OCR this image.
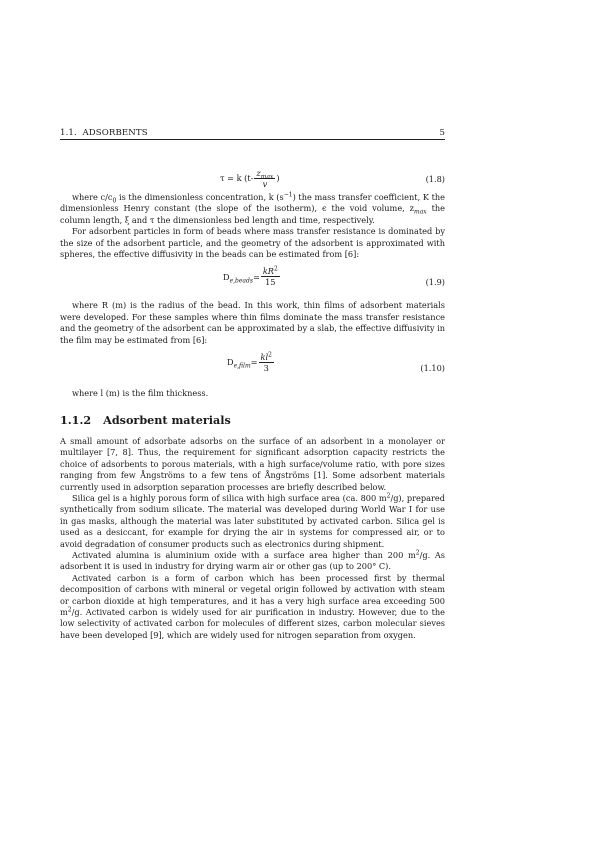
1.1. ADSORBENTS	5
τ = k ($t- \frac{z_{max}}{v}$ )	(1.8)

where $c/c_0$ is the dimensionless concentration, k $(s^{-1})$ the mass transfer coefficient, K the dimensionless Henry constant (the slope of the isotherm), ϵ the void volume, $z_{max}$ the column length, ξ and τ the dimensionless bed length and time, respectively.

For adsorbent particles in form of beads where mass transfer resistance is dominated by the size of the adsorbent particle, and the geometry of the adsorbent is approximated with spheres, the effective diffusivity in the beads can be estimated from [6]:

$D_{e,beads} = \frac{kR^2}{15}$	(1.9)

where R (m) is the radius of the bead. In this work, thin films of adsorbent materials were developed. For these samples where thin films dominate the mass transfer resistance and the geometry of the adsorbent can be approximated by a slab, the effective diffusivity in the film may be estimated from [6]:

$D_{e,film} = \frac{kl^2}{3}$	(1.10)

where l (m) is the film thickness.

1.1.2 Adsorbent materials

A small amount of adsorbate adsorbs on the surface of an adsorbent in a monolayer or multilayer [7, 8]. Thus, the requirement for significant adsorption capacity restricts the choice of adsorbents to porous materials, with a high surface/volume ratio, with pore sizes ranging from few Ångströms to a few tens of Ångströms [1]. Some adsorbent materials currently used in adsorption separation processes are briefly described below.

Silica gel is a highly porous form of silica with high surface area (ca. 800 $m^2/g$), prepared synthetically from sodium silicate. The material was developed during World War I for use in gas masks, although the material was later substituted by activated carbon. Silica gel is used as a desiccant, for example for drying the air in systems for compressed air, or to avoid degradation of consumer products such as electronics during shipment.

Activated alumina is aluminium oxide with a surface area higher than 200 $m^2/g$. As adsorbent it is used in industry for drying warm air or other gas (up to 200° C).

Activated carbon is a form of carbon which has been processed first by thermal decomposition of carbons with mineral or vegetal origin followed by activation with steam or carbon dioxide at high temperatures, and it has a very high surface area exceeding 500 $m^2/g$. Activated carbon is widely used for air purification in industry. However, due to the low selectivity of activated carbon for molecules of different sizes, carbon molecular sieves have been developed [9], which are widely used for nitrogen separation from oxygen.
